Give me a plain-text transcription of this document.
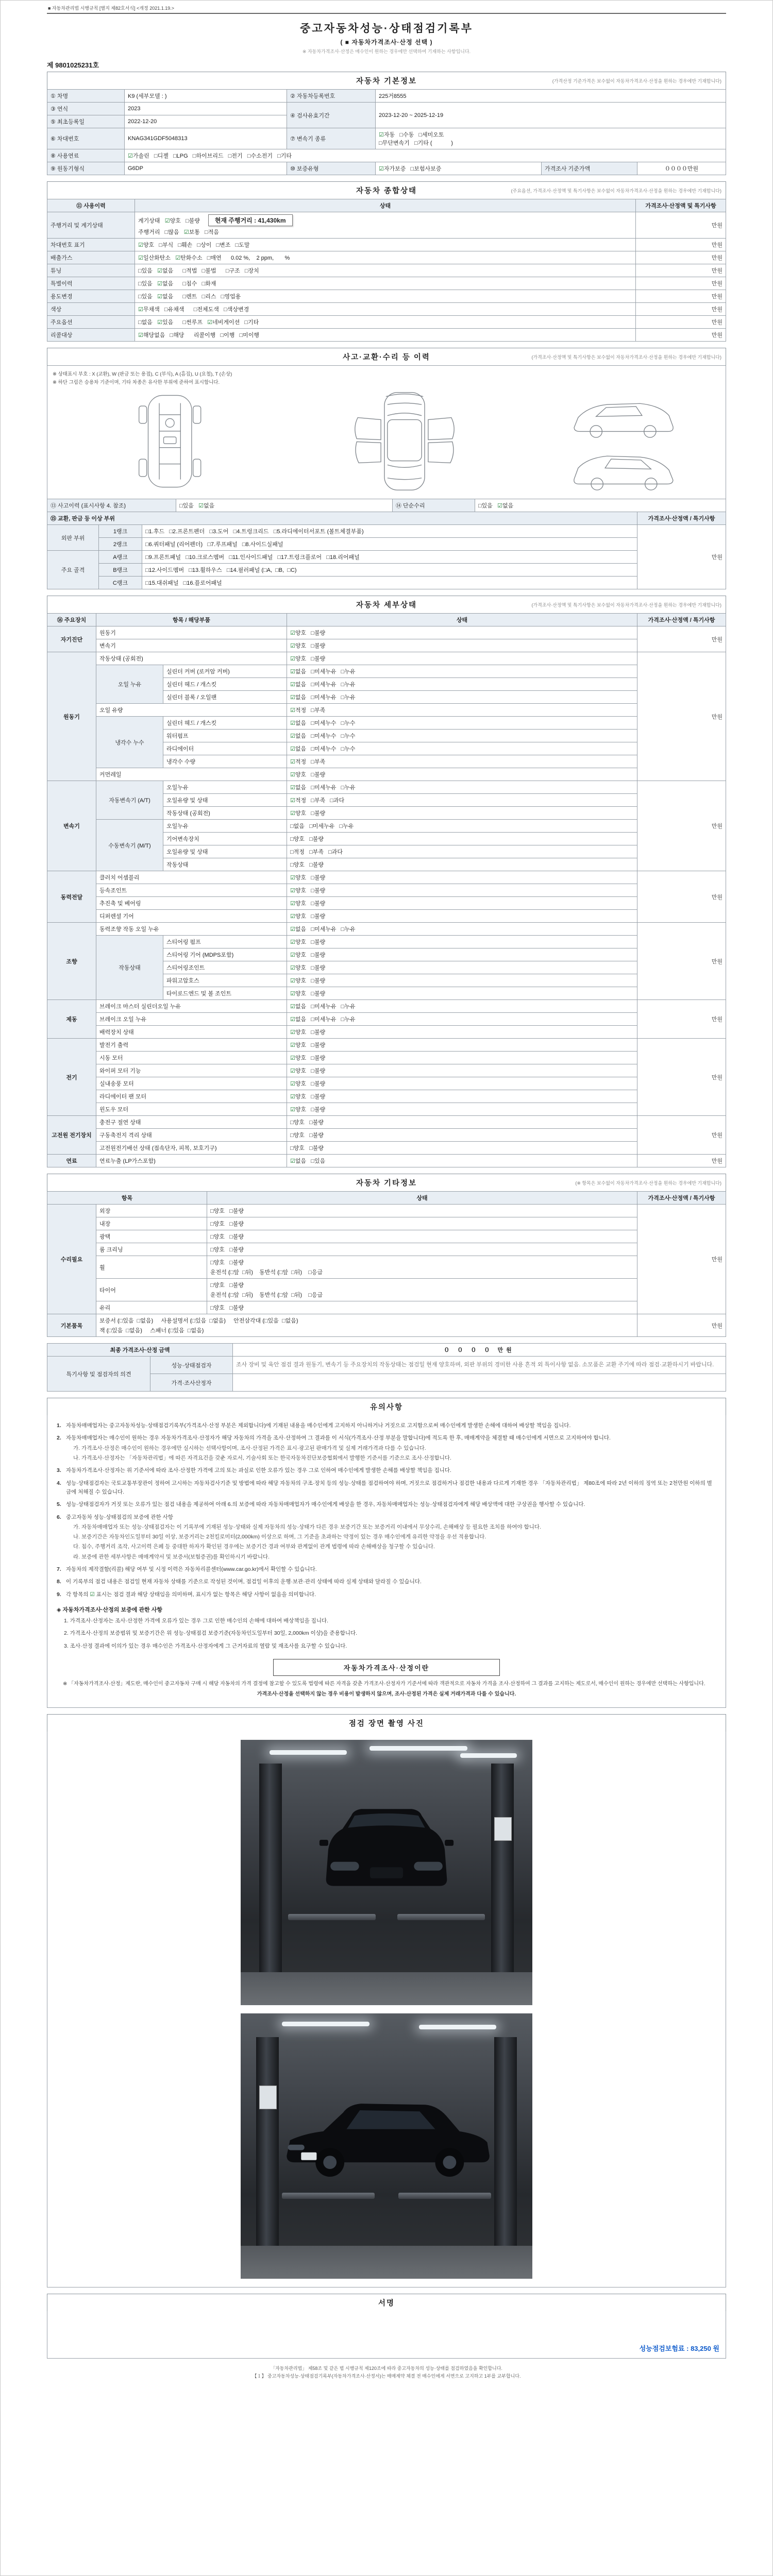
■ 자동차관리법 시행규칙 [별지 제82호서식] <개정 2021.1.19.>
중고자동차성능·상태점검기록부
( ■ 자동차가격조사·산정 선택 )
※ 자동차가격조사·산정은 매수인이 원하는 경우에만 선택하여 기재하는 사항입니다.
제 9801025231호
자동차 기본정보	(가격산정 기준가격은 보수없이 자동차가격조사·산정을 원하는 경우에만 기재합니다)
① 차명	K9 (세부모델 : )	② 자동차등록번호	225거8555		
③ 연식	2023	④ 검사유효기간	2023-12-20 ~ 2025-12-19		
⑤ 최초등록일	2022-12-20				
⑥ 차대번호	KNAG341GDF5048313	⑦ 변속기 종류	☑자동   □수동   □세미오토
□무단변속기   □기타 (            )		

⑧ 사용연료	☑가솔린   □디젤   □LPG   □하이브리드   □전기   □수소전기   □기타				
⑨ 원동기형식	G6DP	⑩ 보증유형	☑자가보증   □보험사보증	가격조사 기준가액	００００만원
자동차 종합상태	(주요옵션, 가격조사·산정액 및 특기사항은 보수없이 자동차가격조사·산정을 원하는 경우에만 기재합니다)
⑪ 사용이력	상태	가격조사·산정액 및 특기사항
주행거리 및 계기상태	계기상태   ☑양호   □불량 현재 주행거리 : 41,430km
주행거리   □많음   ☑보통   □적음	만원
차대번호 표기	☑양호   □부식   □훼손   □상이   □변조   □도말	만원
배출가스	☑일산화탄소   ☑탄화수소   □매연      0.02 %,    2 ppm,       %	만원
튜닝	□있음   ☑없음      □적법   □불법      □구조   □장치	만원
특별이력	□있음   ☑없음      □침수   □화재	만원
용도변경	□있음   ☑없음      □렌트   □리스   □영업용	만원
색상	☑무채색   □유채색      □전체도색   □색상변경	만원
주요옵션	□없음   ☑있음      □썬루프   ☑네비게이션   □기타	만원
리콜대상	☑해당없음   □해당      리콜이행   □이행   □미이행	만원
사고·교환·수리 등 이력	(가격조사·산정액 및 특기사항은 보수없이 자동차가격조사·산정을 원하는 경우에만 기재합니다)
※ 상태표시 부호 : X (교환), W (판금 또는 용접), C (부식), A (흠집), U (요철), T (손상)
※ 하단 그림은 승용차 기준이며, 기타 차종은 유사한 부위에 준하여 표시합니다.
⑬ 사고이력 (표시사항 4. 참조)	□있음   ☑없음	⑭ 단순수리	□있음   ☑없음
⑮ 교환, 판금 등 이상 부위			가격조사·산정액 / 특기사항
외판 부위	1랭크	□1.후드   □2.프론트펜더   □3.도어   □4.트렁크리드   □5.라디에이터서포트 (볼트체결부품)	만원
	2랭크	□6.쿼터패널 (리어펜더)   □7.루프패널   □8.사이드실패널	
주요 골격	A랭크	□9.프론트패널   □10.크로스멤버   □11.인사이드패널   □17.트렁크플로어   □18.리어패널	
	B랭크	□12.사이드멤버   □13.휠하우스   □14.필러패널 (□A,  □B,  □C)	
	C랭크	□15.대쉬패널   □16.플로어패널	
자동차 세부상태	(가격조사·산정액 및 특기사항은 보수없이 자동차가격조사·산정을 원하는 경우에만 기재합니다)
⑯ 주요장치	항목 / 해당부품		상태	가격조사·산정액 / 특기사항
자기진단	원동기		☑양호   □불량	만원
	변속기		☑양호   □불량	
원동기	작동상태 (공회전)		☑양호   □불량	만원
	오일 누유	실린더 커버 (로커암 커버)	☑없음   □미세누유   □누유	
		실린더 헤드 / 개스킷	☑없음   □미세누유   □누유	
		실린더 블록 / 오일팬	☑없음   □미세누유   □누유	
	오일 유량		☑적정   □부족	
	냉각수 누수	실린더 헤드 / 개스킷	☑없음   □미세누수   □누수	
		워터펌프	☑없음   □미세누수   □누수	
		라디에이터	☑없음   □미세누수   □누수	
		냉각수 수량	☑적정   □부족	
	커먼레일		☑양호   □불량	
변속기	자동변속기 (A/T)	오일누유	☑없음   □미세누유   □누유	만원
		오일유량 및 상태	☑적정   □부족   □과다	
		작동상태 (공회전)	☑양호   □불량	
	수동변속기 (M/T)	오일누유	□없음   □미세누유   □누유	
		기어변속장치	□양호   □불량	
		오일유량 및 상태	□적정   □부족   □과다	
		작동상태	□양호   □불량	
동력전달	클러치 어셈블리		☑양호   □불량	만원
	등속조인트		☑양호   □불량	
	추진축 및 베어링		☑양호   □불량	
	디퍼렌셜 기어		☑양호   □불량	
조향	동력조향 작동 오일 누유		☑없음   □미세누유   □누유	만원
	작동상태	스티어링 펌프	☑양호   □불량	
		스티어링 기어 (MDPS포함)	☑양호   □불량	
		스티어링조인트	☑양호   □불량	
		파워고압호스	☑양호   □불량	
		타이로드엔드 및 볼 조인트	☑양호   □불량	
제동	브레이크 마스터 실린더오일 누유		☑없음   □미세누유   □누유	만원
	브레이크 오일 누유		☑없음   □미세누유   □누유	
	배력장치 상태		☑양호   □불량	
전기	발전기 출력		☑양호   □불량	만원
	시동 모터		☑양호   □불량	
	와이퍼 모터 기능		☑양호   □불량	
	실내송풍 모터		☑양호   □불량	
	라디에이터 팬 모터		☑양호   □불량	
	윈도우 모터		☑양호   □불량	
고전원 전기장치	충전구 절연 상태		□양호   □불량	만원
	구동축전지 격리 상태		□양호   □불량	
	고전원전기배선 상태 (접속단자, 피복, 보호기구)		□양호   □불량	
연료	연료누출 (LP가스포함)		☑없음   □있음	만원
자동차 기타정보	(※ 항목은 보수없이 자동차가격조사·산정을 원하는 경우에만 기재합니다)
항목		상태	가격조사·산정액 / 특기사항
수리필요	외장	□양호   □불량	만원
	내장	□양호   □불량	
	광택	□양호   □불량	
	룸 크리닝	□양호   □불량	
	휠	□양호   □불량
운전석 (□앞  □뒤)    동반석 (□앞  □뒤)    □응급	

	타이어	□양호   □불량
운전석 (□앞  □뒤)    동반석 (□앞  □뒤)    □응급	

	유리	□양호   □불량	
기본품목	보증서 (□있음  □없음)     사용설명서 (□있음  □없음)     안전삼각대 (□있음  □없음)
잭 (□있음  □없음)     스패너 (□있음  □없음)		만원
최종 가격조사·산정 금액		０ ０ ０ ０ 만원
특기사항 및 점검자의 의견	성능·상태점검자	조사 장비 및 육안 점검 결과 원동기, 변속기 등 주요장치의 작동상태는 점검일 현재 양호하며, 외판 부위의 경미한 사용 흔적 외 특이사항 없음. 소모품은 교환 주기에 따라 점검·교환하시기 바랍니다.
	가격·조사산정자	
유의사항
1. 자동차매매업자는 중고자동차성능·상태점검기록부(가격조사·산정 부분은 제외합니다)에 기재된 내용을 매수인에게 고지하지 아니하거나 거짓으로 고지함으로써 매수인에게 발생한 손해에 대하여 배상할 책임을 집니다.
2. 자동차매매업자는 매수인이 원하는 경우 자동차가격조사·산정자가 해당 자동차의 가격을 조사·산정하여 그 결과를 이 서식(가격조사·산정 부분을 말합니다)에 적도록 한 후, 매매계약을 체결할 때 매수인에게 서면으로 고지하여야 합니다.
가. 가격조사·산정은 매수인이 원하는 경우에만 실시하는 선택사항이며, 조사·산정된 가격은 표시·광고된 판매가격 및 실제 거래가격과 다를 수 있습니다.
나. 가격조사·산정자는 「자동차관리법」에 따른 자격요건을 갖춘 자로서, 기술사회 또는 한국자동차진단보증협회에서 발행한 기준서를 기준으로 조사·산정합니다.
3. 자동차가격조사·산정자는 위 기준서에 따라 조사·산정한 가격에 고의 또는 과실로 인한 오류가 있는 경우 그로 인하여 매수인에게 발생한 손해를 배상할 책임을 집니다.
4. 성능·상태점검자는 국토교통부장관이 정하여 고시하는 자동차검사기준 및 방법에 따라 해당 자동차의 구조·장치 등의 성능·상태를 점검하여야 하며, 거짓으로 점검하거나 점검한 내용과 다르게 기재한 경우 「자동차관리법」 제80조에 따라 2년 이하의 징역 또는 2천만원 이하의 벌금에 처해질 수 있습니다.
5. 성능·상태점검자가 거짓 또는 오류가 있는 점검 내용을 제공하여 아래 6.의 보증에 따라 자동차매매업자가 매수인에게 배상을 한 경우, 자동차매매업자는 성능·상태점검자에게 해당 배상액에 대한 구상권을 행사할 수 있습니다.
6. 중고자동차 성능·상태점검의 보증에 관한 사항
가. 자동차매매업자 또는 성능·상태점검자는 이 기록부에 기재된 성능·상태와 실제 자동차의 성능·상태가 다른 경우 보증기간 또는 보증거리 이내에서 무상수리, 손해배상 등 필요한 조치를 하여야 합니다.
나. 보증기간은 자동차인도일부터 30일 이상, 보증거리는 2천킬로미터(2,000km) 이상으로 하며, 그 기준을 초과하는 약정이 있는 경우 매수인에게 유리한 약정을 우선 적용합니다.
다. 침수, 주행거리 조작, 사고이력 은폐 등 중대한 하자가 확인된 경우에는 보증기간 경과 여부와 관계없이 관계 법령에 따라 손해배상을 청구할 수 있습니다.
라. 보증에 관한 세부사항은 매매계약서 및 보증서(보험증권)를 확인하시기 바랍니다.
7. 자동차의 제작결함(리콜) 해당 여부 및 시정 이력은 자동차리콜센터(www.car.go.kr)에서 확인할 수 있습니다.
8. 이 기록부의 점검 내용은 점검일 현재 자동차 상태를 기준으로 작성된 것이며, 점검일 이후의 운행·보관·관리 상태에 따라 실제 상태와 달라질 수 있습니다.
9. 각 항목의 ☑ 표시는 점검 결과 해당 상태임을 의미하며, 표시가 없는 항목은 해당 사항이 없음을 의미합니다.
◈ 자동차가격조사·산정의 보증에 관한 사항
1. 가격조사·산정자는 조사·산정한 가격에 오류가 있는 경우 그로 인한 매수인의 손해에 대하여 배상책임을 집니다.
2. 가격조사·산정의 보증범위 및 보증기간은 위 성능·상태점검 보증기준(자동차인도일부터 30일, 2,000km 이상)을 준용합니다.
3. 조사·산정 결과에 이의가 있는 경우 매수인은 가격조사·산정자에게 그 근거자료의 열람 및 재조사를 요구할 수 있습니다.
자동차가격조사·산정이란

※ 「자동차가격조사·산정」제도란, 매수인이 중고자동차 구매 시 해당 자동차의 가격 결정에 참고할 수 있도록 법령에 따른 자격을 갖춘 가격조사·산정자가 기준서에 따라 객관적으로 자동차 가격을 조사·산정하여 그 결과를 고지하는 제도로서, 매수인이 원하는 경우에만 선택하는 사항입니다.

가격조사·산정을 선택하지 않는 경우 비용이 발생하지 않으며, 조사·산정된 가격은 실제 거래가격과 다를 수 있습니다.

점검 장면 촬영 사진
서명
성능점검보험료 : 83,250 원
「자동차관리법」 제58조 및 같은 법 시행규칙 제120조에 따라 중고자동차의 성능·상태를 점검하였음을 확인합니다.
【１】 중고자동차성능·상태점검기록부(자동차가격조사·산정서)는 매매계약 체결 전 매수인에게 서면으로 고지하고 1부를 교부합니다.
